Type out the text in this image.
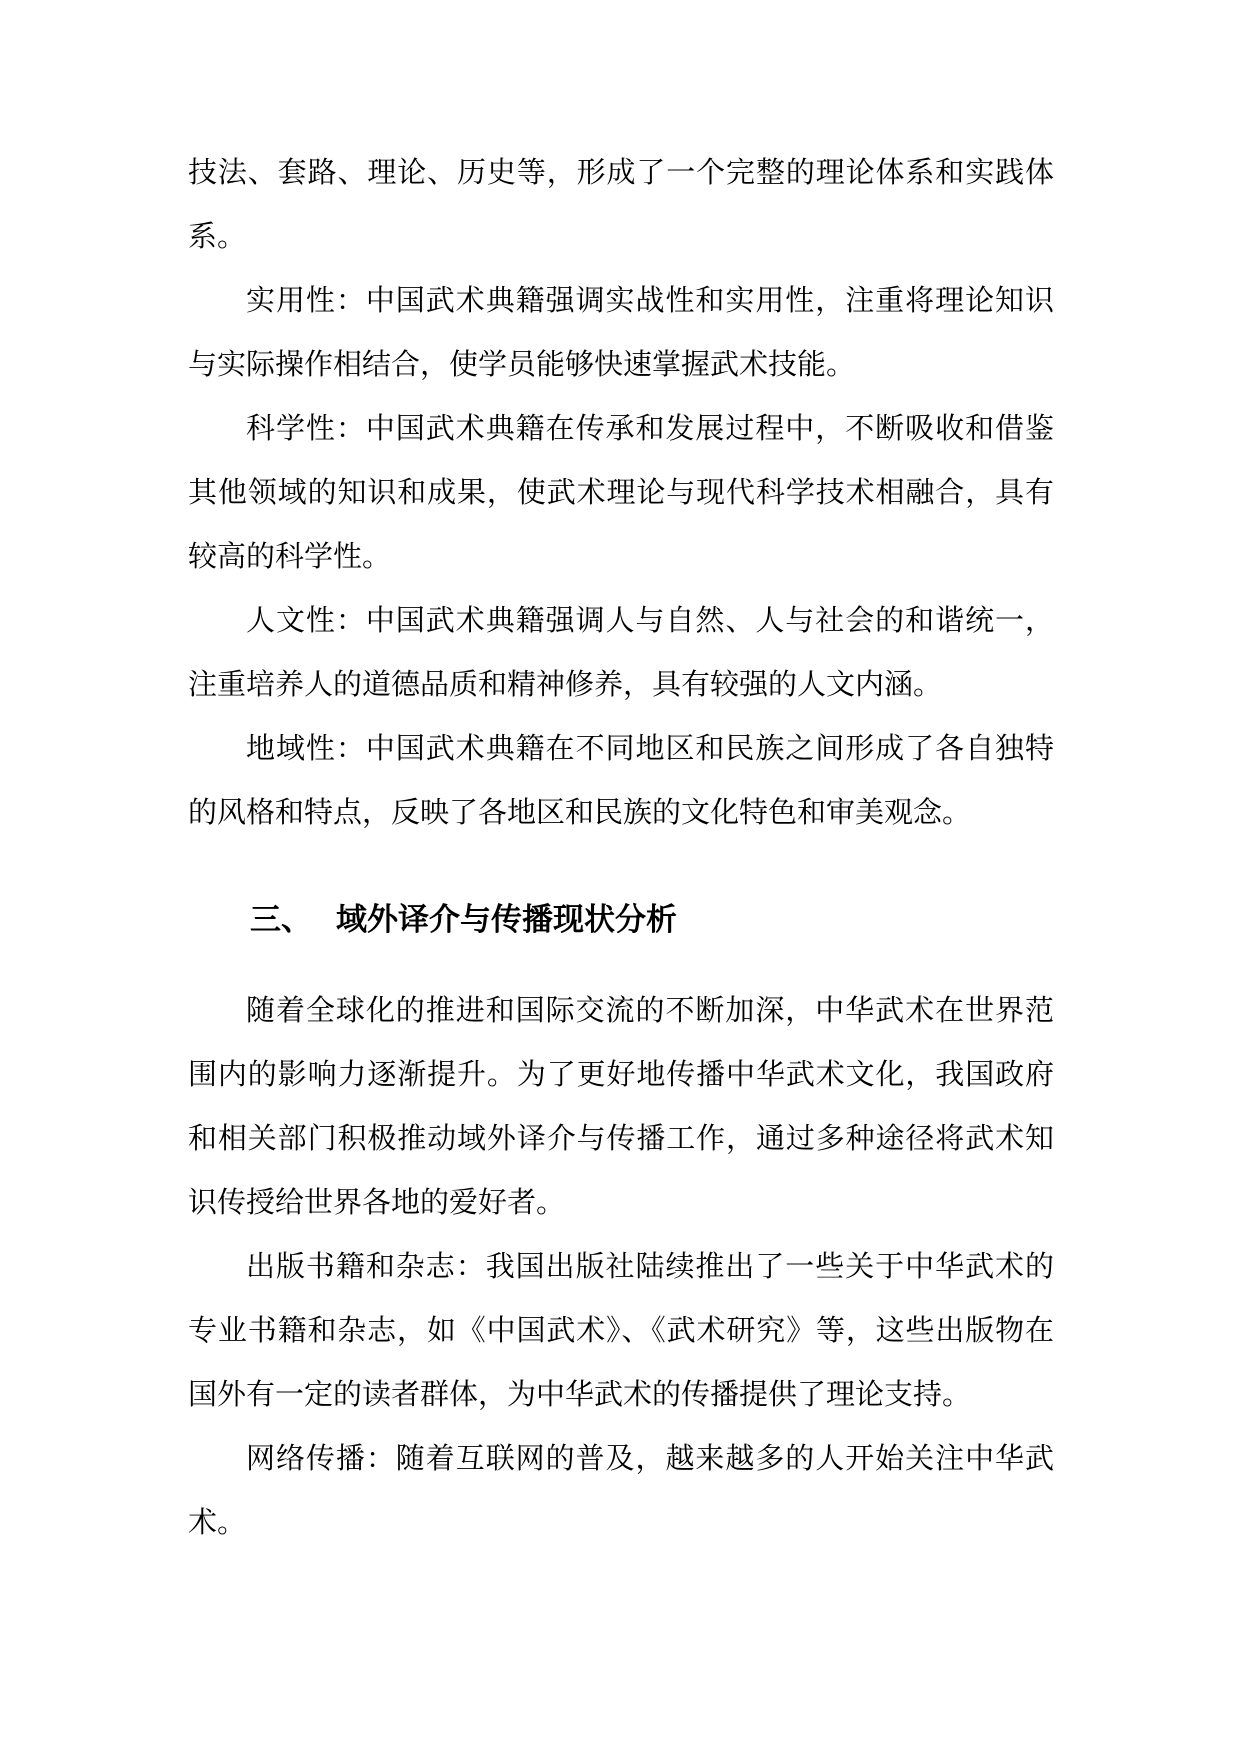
技法、套路、理论、历史等，形成了一个完整的理论体系和实践体系。

实用性：中国武术典籍强调实战性和实用性，注重将理论知识与实际操作相结合，使学员能够快速掌握武术技能。

科学性：中国武术典籍在传承和发展过程中，不断吸收和借鉴其他领域的知识和成果，使武术理论与现代科学技术相融合，具有较高的科学性。

人文性：中国武术典籍强调人与自然、人与社会的和谐统一，注重培养人的道德品质和精神修养，具有较强的人文内涵。

地域性：中国武术典籍在不同地区和民族之间形成了各自独特的风格和特点，反映了各地区和民族的文化特色和审美观念。

三、 域外译介与传播现状分析

随着全球化的推进和国际交流的不断加深，中华武术在世界范围内的影响力逐渐提升。为了更好地传播中华武术文化，我国政府和相关部门积极推动域外译介与传播工作，通过多种途径将武术知识传授给世界各地的爱好者。

出版书籍和杂志：我国出版社陆续推出了一些关于中华武术的专业书籍和杂志，如《中国武术》、《武术研究》等，这些出版物在国外有一定的读者群体，为中华武术的传播提供了理论支持。

网络传播：随着互联网的普及，越来越多的人开始关注中华武术。
